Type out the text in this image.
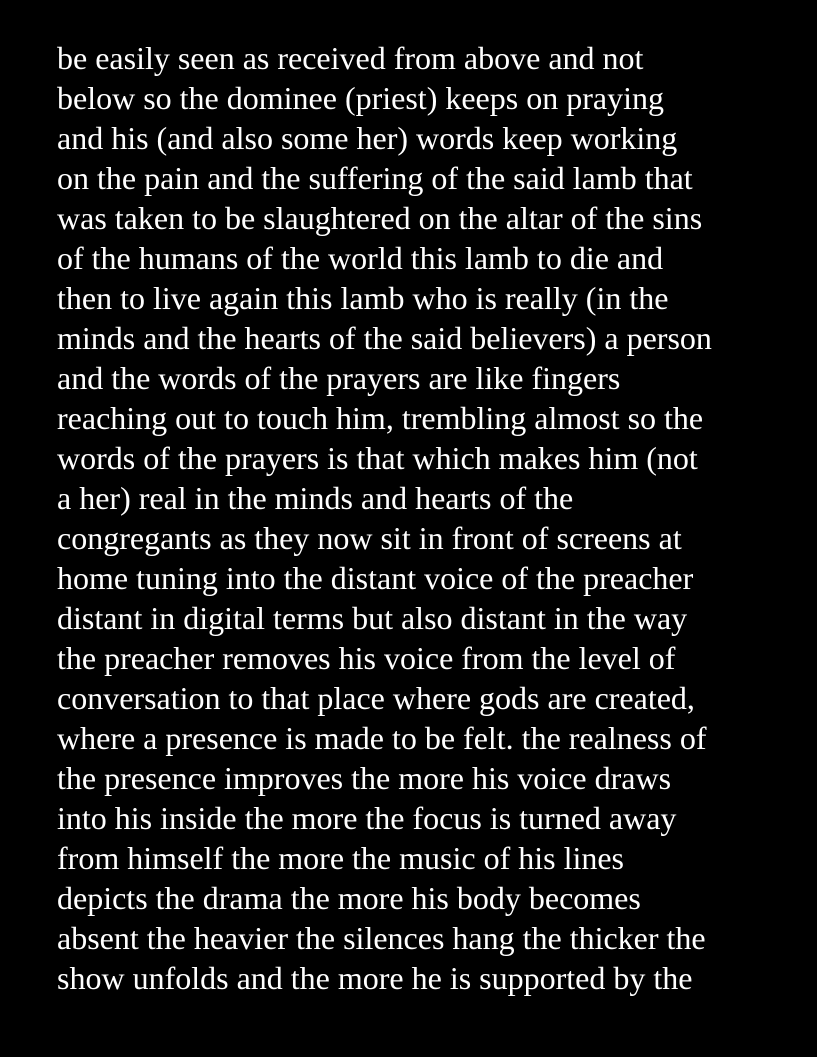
be easily seen as received from above and not
below so the dominee (priest) keeps on praying
and his (and also some her) words keep working
on the pain and the suffering of the said lamb that
was taken to be slaughtered on the altar of the sins
of the humans of the world this lamb to die and
then to live again this lamb who is really (in the
minds and the hearts of the said believers) a person
and the words of the prayers are like fingers
reaching out to touch him, trembling almost so the
words of the prayers is that which makes him (not
a her) real in the minds and hearts of the
congregants as they now sit in front of screens at
home tuning into the distant voice of the preacher
distant in digital terms but also distant in the way
the preacher removes his voice from the level of
conversation to that place where gods are created,
where a presence is made to be felt. the realness of
the presence improves the more his voice draws
into his inside the more the focus is turned away
from himself the more the music of his lines
depicts the drama the more his body becomes
absent the heavier the silences hang the thicker the
show unfolds and the more he is supported by the
